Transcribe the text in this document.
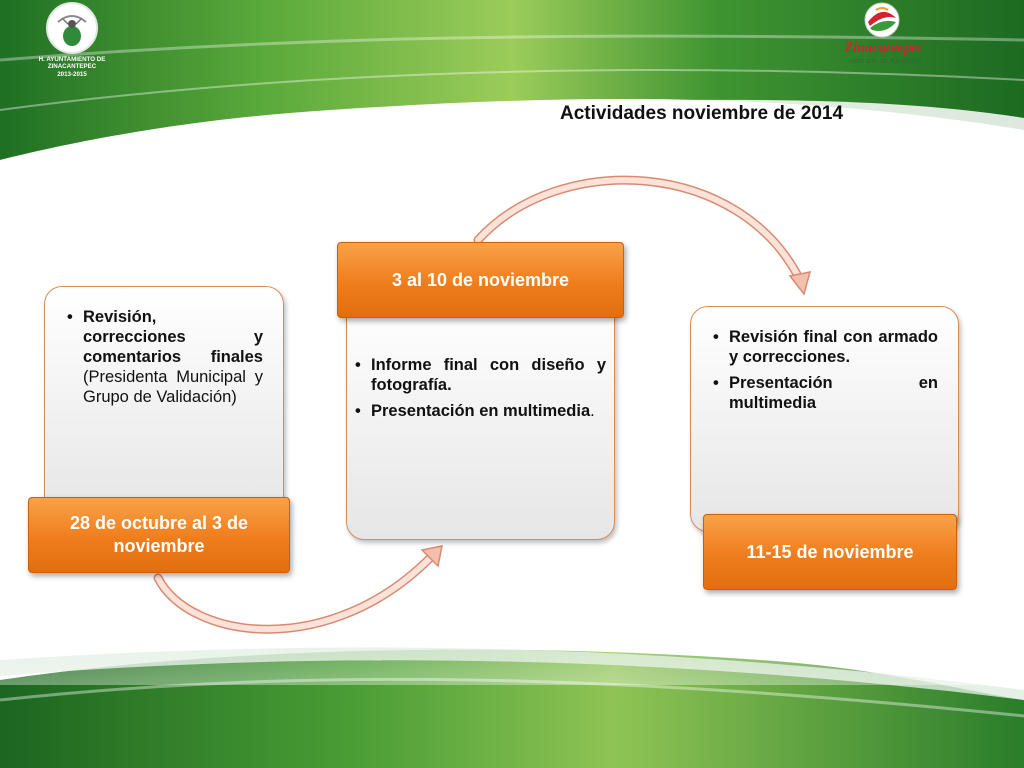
H. AYUNTAMIENTO DE
ZINACANTEPEC
2013-2015
Zinacantepec
valor que da resultados
Actividades noviembre de 2014
• Revisión, correcciones y comentarios finales (Presidenta Municipal y Grupo de Validación)
28 de octubre al 3 de noviembre
• Informe final con diseño y fotografía.
• Presentación en multimedia.
3 al 10 de noviembre
• Revisión final con armado y correcciones.
• Presentación en multimedia
11-15 de noviembre
